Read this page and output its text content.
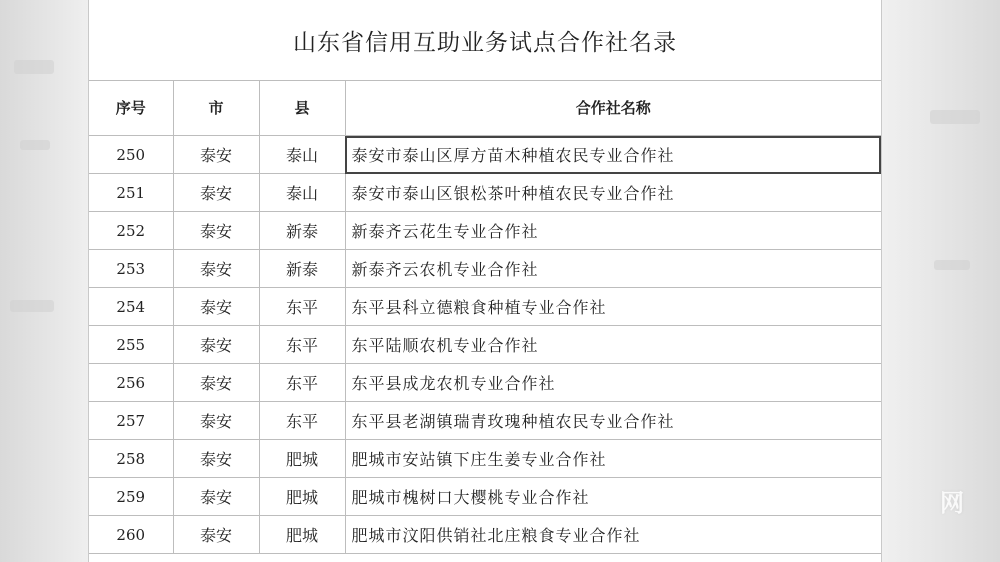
山东省信用互助业务试点合作社名录
序号	市	县	合作社名称
250	泰安	泰山	泰安市泰山区厚方苗木种植农民专业合作社
251	泰安	泰山	泰安市泰山区银松茶叶种植农民专业合作社
252	泰安	新泰	新泰齐云花生专业合作社
253	泰安	新泰	新泰齐云农机专业合作社
254	泰安	东平	东平县科立德粮食种植专业合作社
255	泰安	东平	东平陆顺农机专业合作社
256	泰安	东平	东平县成龙农机专业合作社
257	泰安	东平	东平县老湖镇瑞青玫瑰种植农民专业合作社
258	泰安	肥城	肥城市安站镇下庄生姜专业合作社
259	泰安	肥城	肥城市槐树口大樱桃专业合作社
260	泰安	肥城	肥城市汶阳供销社北庄粮食专业合作社
网
